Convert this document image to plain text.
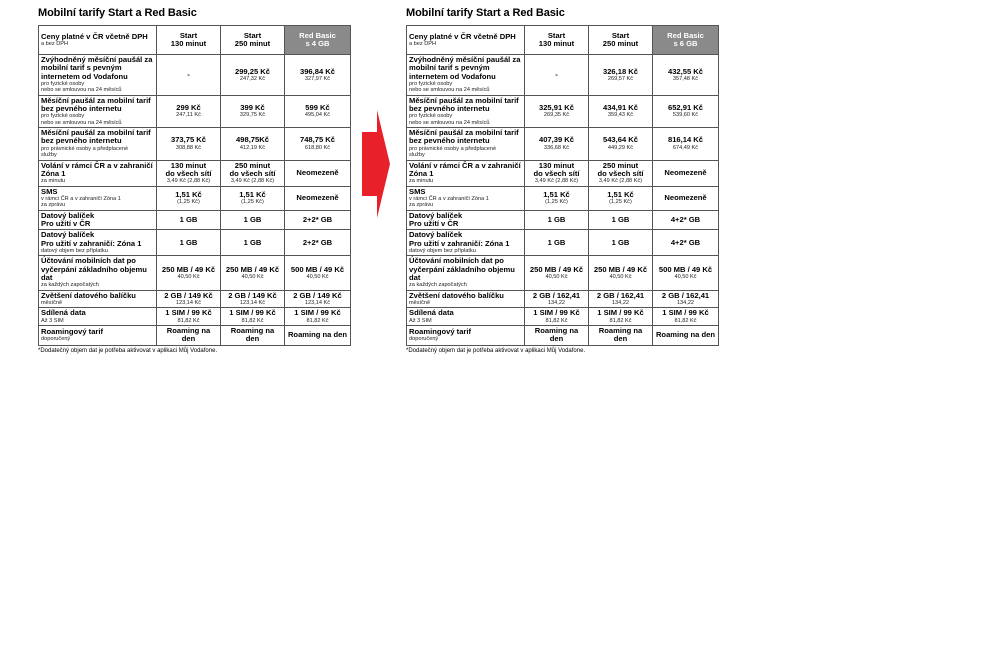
Mobilní tarify Start a Red Basic
Ceny platné v ČR včetně DPH
a bez DPH	Start
130 minut	Start
250 minut	Red Basic
s 4 GB

Zvýhodněný měsíční paušál za
mobilní tarif s pevným
internetem od Vodafonu
pro fyzické osoby
nebo se smlouvou na 24 měsíců	-	299,25 Kč
247,32 Kč	396,84 Kč
327,97 Kč

Měsíční paušál za mobilní tarif
bez pevného internetu
pro fyzické osoby
nebo se smlouvou na 24 měsíců	299 Kč
247,11 Kč	399 Kč
329,75 Kč	599 Kč
495,04 Kč

Měsíční paušál za mobilní tarif
bez pevného internetu
pro právnické osoby a předplacené
služby	373,75 Kč
308,88 Kč	498,75Kč
412,19 Kč	748,75 Kč
618,80 Kč

Volání v rámci ČR a v zahraničí
Zóna 1
za minutu	130 minut
do všech sítí
3,49 Kč (2,88 Kč)	250 minut
do všech sítí
3,49 Kč (2,88 Kč)	Neomezeně

SMS
v rámci ČR a v zahraničí Zóna 1
za zprávu	1,51 Kč
(1,25 Kč)	1,51 Kč
(1,25 Kč)	Neomezeně

Datový balíček
Pro užití v ČR	1 GB	1 GB	2+2* GB

Datový balíček
Pro užití v zahraničí: Zóna 1
datový objem bez příplatku	1 GB	1 GB	2+2* GB

Účtování mobilních dat po
vyčerpání základního objemu
dat
za každých započatých	250 MB / 49 Kč
40,50 Kč	250 MB / 49 Kč
40,50 Kč	500 MB / 49 Kč
40,50 Kč

Zvětšení datového balíčku
měsíčně	2 GB / 149 Kč
123,14 Kč	2 GB / 149 Kč
123,14 Kč	2 GB / 149 Kč
123,14 Kč

Sdílená data
Až 3 SIM	1 SIM / 99 Kč
81,82 Kč	1 SIM / 99 Kč
81,82 Kč	1 SIM / 99 Kč
81,82 Kč

Roamingový tarif
doporučený	Roaming na den	Roaming na den	Roaming na den
*Dodatečný objem dat je potřeba aktivovat v aplikaci Můj Vodafone.
Mobilní tarify Start a Red Basic
Ceny platné v ČR včetně DPH
a bez DPH	Start
130 minut	Start
250 minut	Red Basic
s 6 GB

Zvýhodněný měsíční paušál za
mobilní tarif s pevným
internetem od Vodafonu
pro fyzické osoby
nebo se smlouvou na 24 měsíců	-	326,18 Kč
269,57 Kč	432,55 Kč
357,48 Kč

Měsíční paušál za mobilní tarif
bez pevného internetu
pro fyzické osoby
nebo se smlouvou na 24 měsíců	325,91 Kč
269,35 Kč	434,91 Kč
359,43 Kč	652,91 Kč
539,60 Kč

Měsíční paušál za mobilní tarif
bez pevného internetu
pro právnické osoby a předplacené
služby	407,39 Kč
336,68 Kč	543,64 Kč
449,29 Kč	816,14 Kč
674,49 Kč

Volání v rámci ČR a v zahraničí
Zóna 1
za minutu	130 minut
do všech sítí
3,49 Kč (2,88 Kč)	250 minut
do všech sítí
3,49 Kč (2,88 Kč)	Neomezeně

SMS
v rámci ČR a v zahraničí Zóna 1
za zprávu	1,51 Kč
(1,25 Kč)	1,51 Kč
(1,25 Kč)	Neomezeně

Datový balíček
Pro užití v ČR	1 GB	1 GB	4+2* GB

Datový balíček
Pro užití v zahraničí: Zóna 1
datový objem bez příplatku	1 GB	1 GB	4+2* GB

Účtování mobilních dat po
vyčerpání základního objemu
dat
za každých započatých	250 MB / 49 Kč
40,50 Kč	250 MB / 49 Kč
40,50 Kč	500 MB / 49 Kč
40,50 Kč

Zvětšení datového balíčku
měsíčně	2 GB / 162,41
134,22	2 GB / 162,41
134,22	2 GB / 162,41
134,22

Sdílená data
Až 3 SIM	1 SIM / 99 Kč
81,82 Kč	1 SIM / 99 Kč
81,82 Kč	1 SIM / 99 Kč
81,82 Kč

Roamingový tarif
doporučený	Roaming na den	Roaming na den	Roaming na den
*Dodatečný objem dat je potřeba aktivovat v aplikaci Můj Vodafone.
